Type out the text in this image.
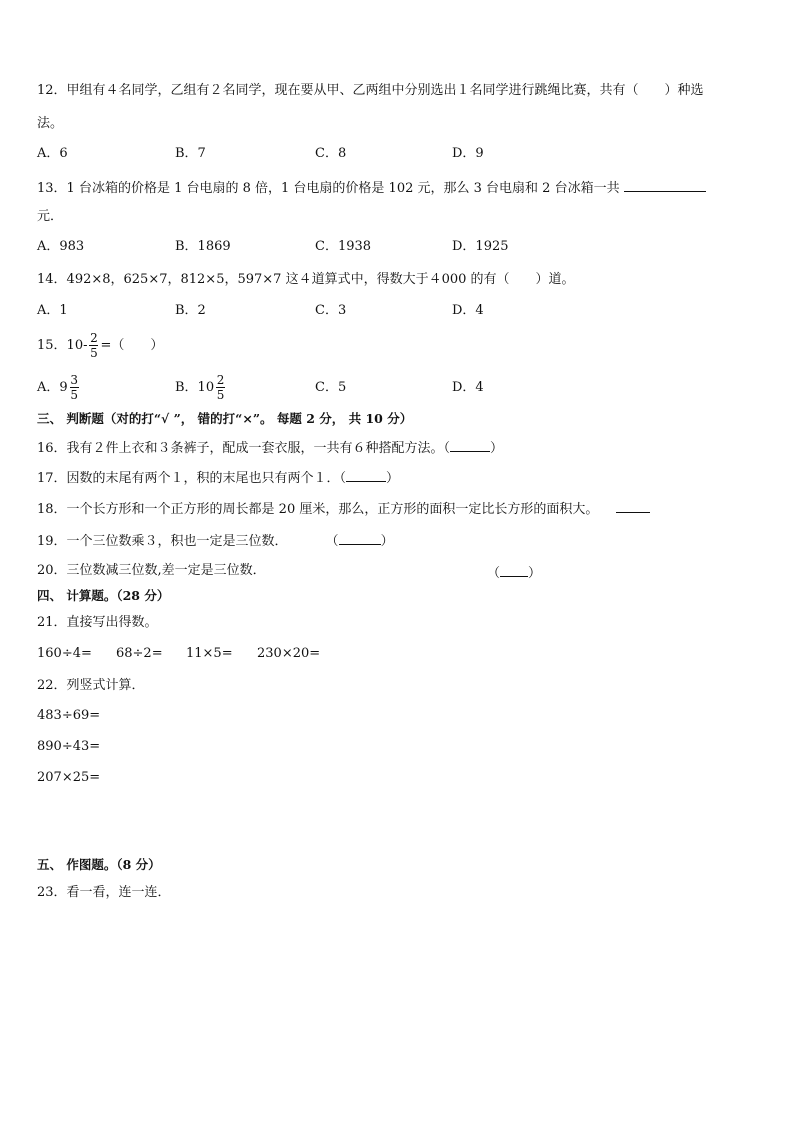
12．甲组有４名同学，乙组有２名同学，现在要从甲、乙两组中分别选出１名同学进行跳绳比赛，共有（　　）种选
法。
A．6	B．7	C．8	D．9
13．1 台冰箱的价格是 1 台电扇的 8 倍，1 台电扇的价格是 102 元，那么 3 台电扇和 2 台冰箱一共
元．
A．983	B．1869	C．1938	D．1925
14．492×8，625×7，812×5，597×7 这４道算式中，得数大于４000 的有（　　）道。
A．1	B．2	C．3	D．4
15．$10- \frac{2}{5}$ =（　　）
A．$9 \frac{3}{5}$	B．$10 \frac{2}{5}$	C．5	D．4
三、 判断题（对的打“√ ”， 错的打“×”。 每题 2 分， 共 10 分）
16．我有２件上衣和３条裤子，配成一套衣服，一共有６种搭配方法。（	）
17．因数的末尾有两个１，积的末尾也只有两个１．（	）
18．一个长方形和一个正方形的周长都是 20 厘米，那么，正方形的面积一定比长方形的面积大。
19．一个三位数乘３，积也一定是三位数．	（	）
20．三位数减三位数,差一定是三位数．	（ ）
四、 计算题。（28 分）
21．直接写出得数。
160÷4= 68÷2= 11×5= 230×20=
22．列竖式计算．
483÷69=
890÷43=
207×25=
五、 作图题。（8 分）
23．看一看，连一连．
